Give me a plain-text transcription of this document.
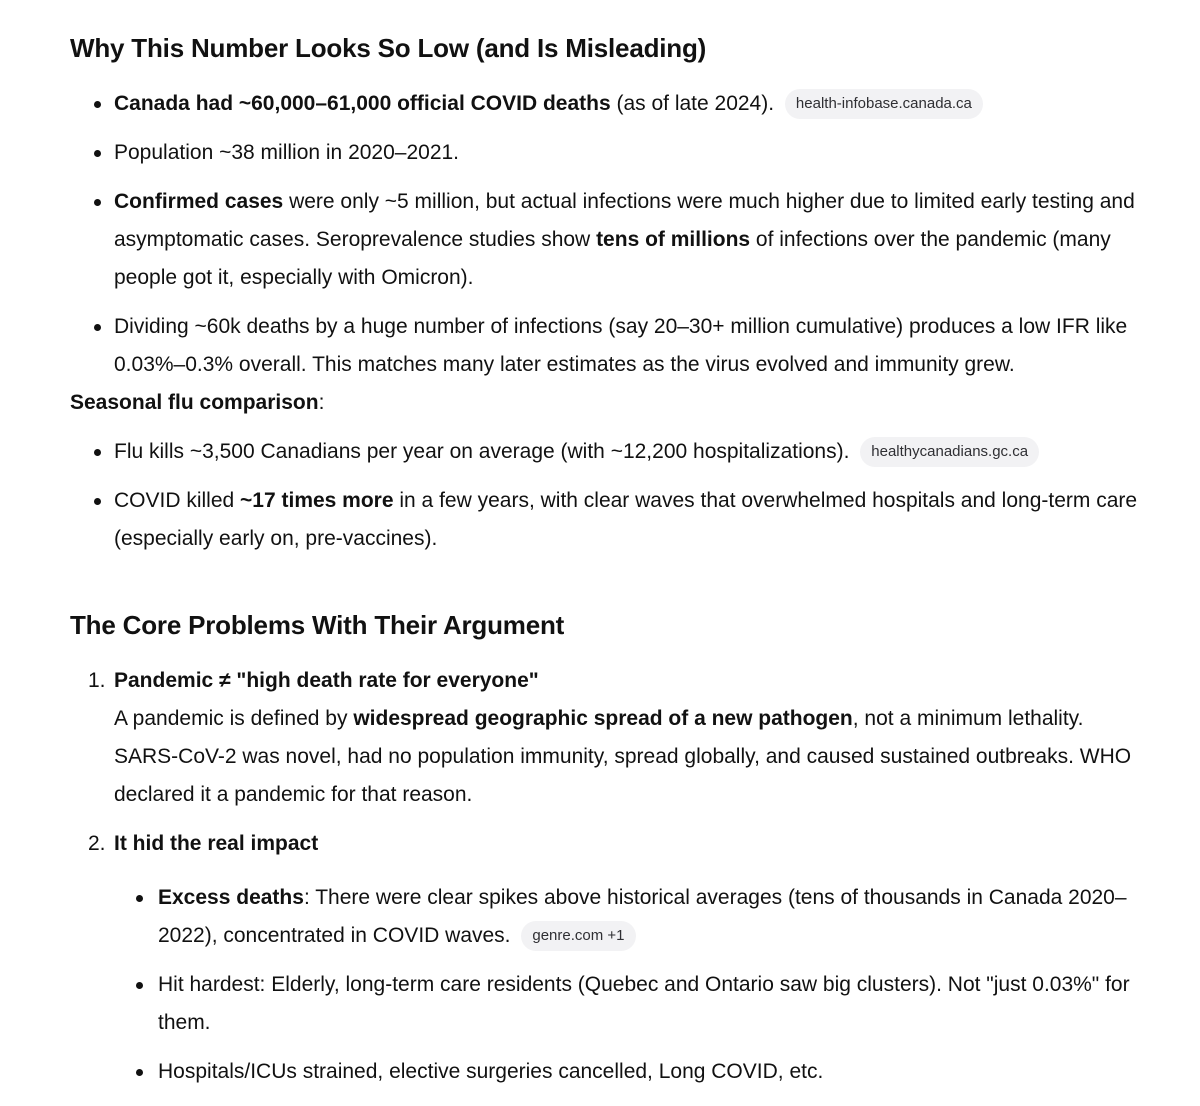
Why This Number Looks So Low (and Is Misleading)
Canada had ~60,000–61,000 official COVID deaths (as of late 2024). health-infobase.canada.ca
Population ~38 million in 2020–2021.
Confirmed cases were only ~5 million, but actual infections were much higher due to limited early testing and asymptomatic cases. Seroprevalence studies show tens of millions of infections over the pandemic (many people got it, especially with Omicron).
Dividing ~60k deaths by a huge number of infections (say 20–30+ million cumulative) produces a low IFR like 0.03%–0.3% overall. This matches many later estimates as the virus evolved and immunity grew.
Seasonal flu comparison:
Flu kills ~3,500 Canadians per year on average (with ~12,200 hospitalizations). healthycanadians.gc.ca
COVID killed ~17 times more in a few years, with clear waves that overwhelmed hospitals and long-term care (especially early on, pre-vaccines).
The Core Problems With Their Argument
1. Pandemic ≠ "high death rate for everyone"
A pandemic is defined by widespread geographic spread of a new pathogen, not a minimum lethality. SARS-CoV-2 was novel, had no population immunity, spread globally, and caused sustained outbreaks. WHO declared it a pandemic for that reason.
2. It hid the real impact
Excess deaths: There were clear spikes above historical averages (tens of thousands in Canada 2020–2022), concentrated in COVID waves. genre.com +1
Hit hardest: Elderly, long-term care residents (Quebec and Ontario saw big clusters). Not "just 0.03%" for them.
Hospitals/ICUs strained, elective surgeries cancelled, Long COVID, etc.
